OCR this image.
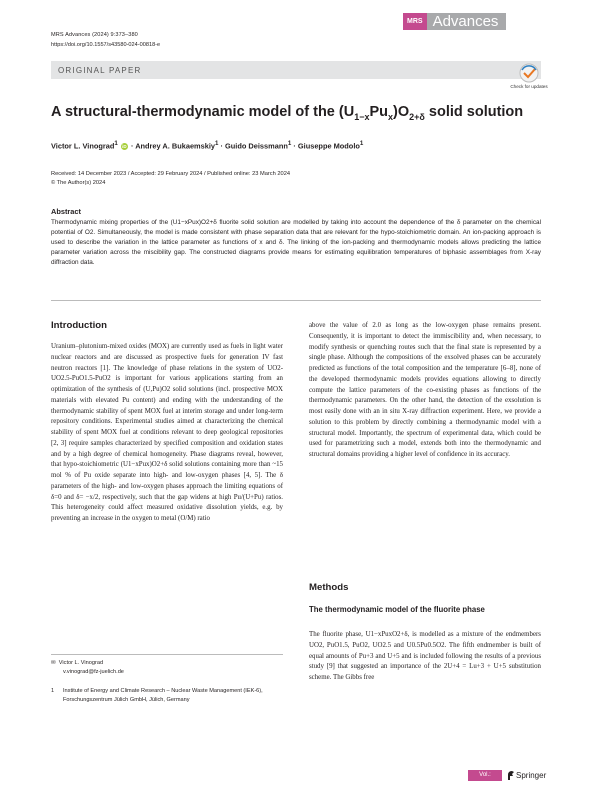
MRS Advances (2024) 9:373–380
https://doi.org/10.1557/s43580-024-00818-e
MRS Advances
ORIGINAL PAPER
Check for updates
A structural-thermodynamic model of the $(U_{1-x}Pu_x)O_{2+\delta}$ solid solution
Victor L. Vinograd$^1$ iD · Andrey A. Bukaemskiy$^1$ · Guido Deissmann$^1$ · Giuseppe Modolo$^1$
Received: 14 December 2023 / Accepted: 29 February 2024 / Published online: 23 March 2024
© The Author(s) 2024
Abstract
Thermodynamic mixing properties of the (U1−xPux)O2+δ fluorite solid solution are modelled by taking into account the dependence of the δ parameter on the chemical potential of O2. Simultaneously, the model is made consistent with phase separation data that are relevant for the hypo-stoichiometric domain. An ion-packing approach is used to describe the variation in the lattice parameter as functions of x and δ. The linking of the ion-packing and thermodynamic models allows predicting the lattice parameter variation across the miscibility gap. The constructed diagrams provide means for estimating equilibration temperatures of biphasic assemblages from X-ray diffraction data.
Introduction
Uranium–plutonium-mixed oxides (MOX) are currently used as fuels in light water nuclear reactors and are discussed as prospective fuels for generation IV fast neutron reactors [1]. The knowledge of phase relations in the system of UO2-UO2.5-PuO1.5-PuO2 is important for various applications starting from an optimization of the synthesis of (U,Pu)O2 solid solutions (incl. prospective MOX materials with elevated Pu content) and ending with the understanding of the thermodynamic stability of spent MOX fuel at interim storage and under long-term repository conditions. Experimental studies aimed at characterizing the chemical stability of spent MOX fuel at conditions relevant to deep geological repositories [2, 3] require samples characterized by specified composition and oxidation states and by a high degree of chemical homogeneity. Phase diagrams reveal, however, that hypo-stoichiometric (U1−xPux)O2+δ solid solutions containing more than ~15 mol % of Pu oxide separate into high- and low-oxygen phases [4, 5]. The δ parameters of the high- and low-oxygen phases approach the limiting equations of δ=0 and δ= −x/2, respectively, such that the gap widens at high Pu/(U+Pu) ratios. This heterogeneity could affect measured oxidative dissolution yields, e.g. by preventing an increase in the oxygen to metal (O/M) ratio
above the value of 2.0 as long as the low-oxygen phase remains present. Consequently, it is important to detect the immiscibility and, when necessary, to modify synthesis or quenching routes such that the final state is represented by a single phase. Although the compositions of the exsolved phases can be accurately predicted as functions of the total composition and the temperature [6–8], none of the developed thermodynamic models provides equations allowing to directly compute the lattice parameters of the co-existing phases as functions of the thermodynamic parameters. On the other hand, the detection of the exsolution is most easily done with an in situ X-ray diffraction experiment. Here, we provide a solution to this problem by directly combining a thermodynamic model with a structural model. Importantly, the spectrum of experimental data, which could be used for parametrizing such a model, extends both into the thermodynamic and structural domains providing a higher level of confidence in its accuracy.
Methods
The thermodynamic model of the fluorite phase
The fluorite phase, U1−xPuxO2+δ, is modelled as a mixture of the endmembers UO2, PuO1.5, PuO2, UO2.5 and U0.5Pu0.5O2. The fifth endmember is built of equal amounts of Pu+3 and U+5 and is included following the results of a previous study [9] that suggested an importance of the 2U+4 = Lu+3 + U+5 substitution scheme. The Gibbs free
✉ Victor L. Vinograd
v.vinograd@fz-juelich.de
1	Institute of Energy and Climate Research – Nuclear Waste Management (IEK-6), Forschungszentrum Jülich GmbH, Jülich, Germany
Vol.:(0123456789)
Springer
